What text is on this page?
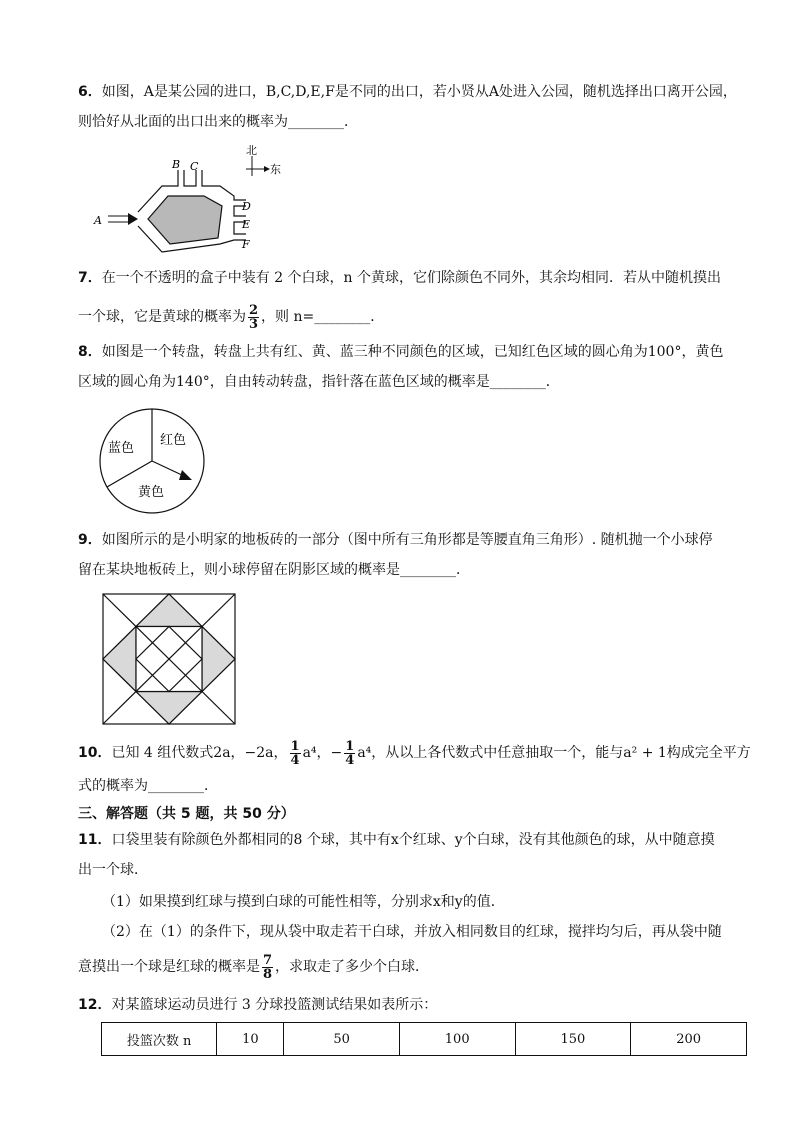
6．如图，A是某公园的进口，B,C,D,E,F是不同的出口，若小贤从A处进入公园，随机选择出口离开公园，
则恰好从北面的出口出来的概率为________．
北
东
A
B C
D
E
F
7．在一个不透明的盒子中装有 2 个白球，n 个黄球，它们除颜色不同外，其余均相同．若从中随机摸出
一个球，它是黄球的概率为 $\frac{2}{3}$ ，则 n=________．
8．如图是一个转盘，转盘上共有红、黄、蓝三种不同颜色的区域，已知红色区域的圆心角为100°，黄色
区域的圆心角为140°，自由转动转盘，指针落在蓝色区域的概率是________．
蓝色
红色
黄色
9．如图所示的是小明家的地板砖的一部分（图中所有三角形都是等腰直角三角形）. 随机抛一个小球停
留在某块地板砖上，则小球停留在阴影区域的概率是________．
10．已知 4 组代数式2a，−2a， $\frac{1}{4} a^4$，− $\frac{1}{4} a^4$，从以上各代数式中任意抽取一个，能与a² + 1构成完全平方
式的概率为________．
三、解答题（共 5 题，共 50 分）
11．口袋里装有除颜色外都相同的8 个球，其中有x个红球、y个白球，没有其他颜色的球，从中随意摸
出一个球．
（1）如果摸到红球与摸到白球的可能性相等，分别求x和y的值．
（2）在（1）的条件下，现从袋中取走若干白球，并放入相同数目的红球，搅拌均匀后，再从袋中随
意摸出一个球是红球的概率是 $\frac{7}{8}$ ，求取走了多少个白球．
12．对某篮球运动员进行 3 分球投篮测试结果如表所示：
投篮次数 n	10	50	100	150	200
